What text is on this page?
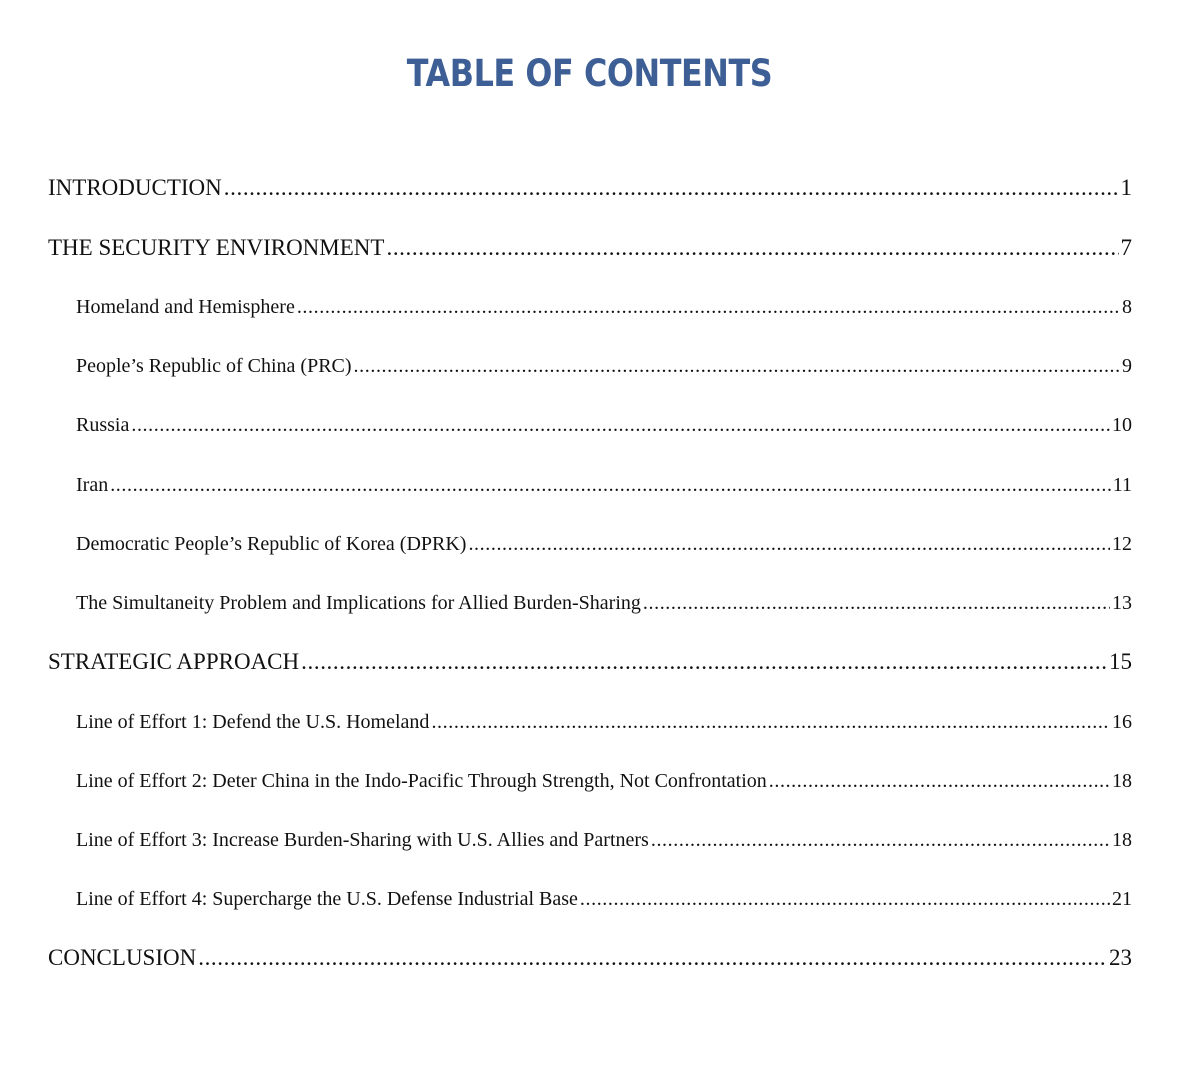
TABLE OF CONTENTS
INTRODUCTION .....	1
THE SECURITY ENVIRONMENT .....	7
Homeland and Hemisphere .....	8
People’s Republic of China (PRC) .....	9
Russia .....	10
Iran .....	11
Democratic People’s Republic of Korea (DPRK) .....	12
The Simultaneity Problem and Implications for Allied Burden-Sharing .....	13
STRATEGIC APPROACH .....	15
Line of Effort 1: Defend the U.S. Homeland .....	16
Line of Effort 2: Deter China in the Indo-Pacific Through Strength, Not Confrontation .....	18
Line of Effort 3: Increase Burden-Sharing with U.S. Allies and Partners .....	18
Line of Effort 4: Supercharge the U.S. Defense Industrial Base .....	21
CONCLUSION .....	23
